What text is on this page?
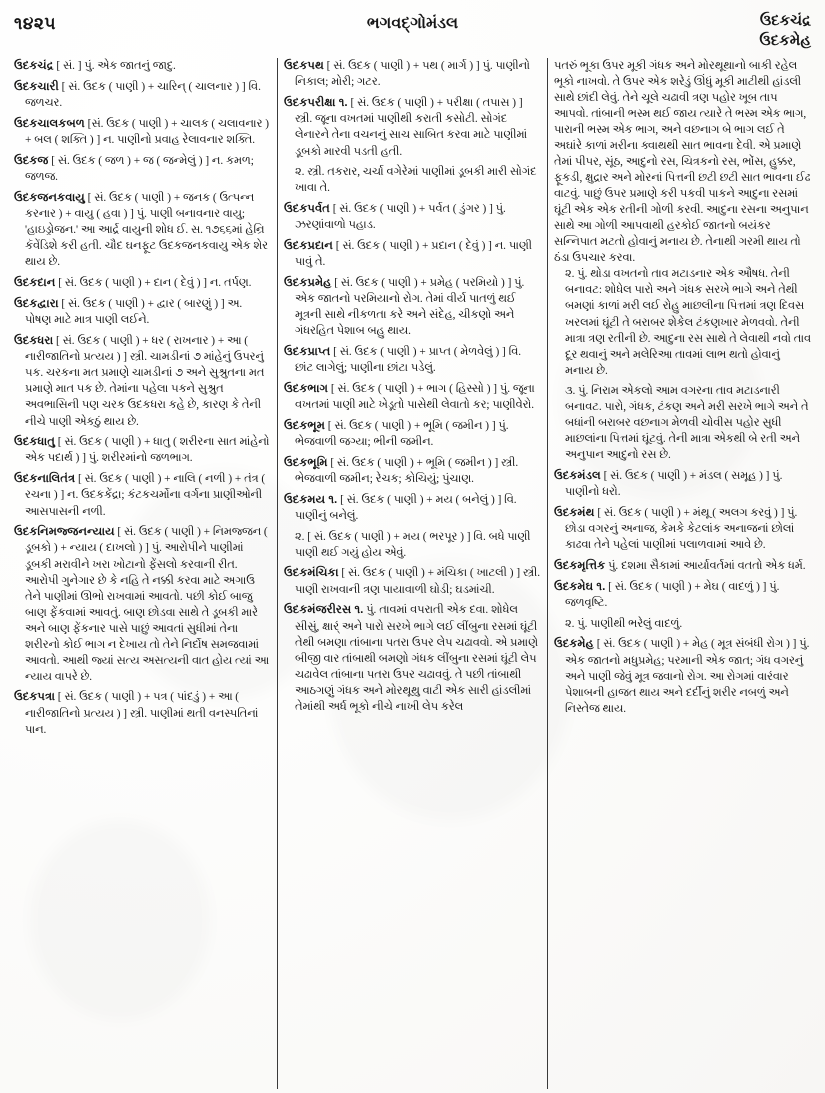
૧૪૨૫	ભગવદ્‌ગોમંડલ	ઉદકચંદ્ર
ઉદકમેહ

ઉદકચંદ્ર [ સં. ] પું. એક જાતનું જાદુ.

ઉદકચારી [ સં. ઉદક ( પાણી ) + ચારિન્ ( ચાલનાર ) ] વિ. જળચર.

ઉદકચાલકબળ [સં. ઉદક ( પાણી ) + ચાલક ( ચલાવનાર ) + બલ ( શક્તિ ) ] ન. પાણીનો પ્રવાહ રેલાવનાર શક્તિ.

ઉદકજ [ સં. ઉદક ( જળ ) + જ ( જન્મેલું ) ] ન. કમળ; જળજ.

ઉદકજનકવાયુ [ સં. ઉદક ( પાણી ) + જનક ( ઉત્પન્ન કરનાર ) + વાયુ ( હવા ) ] પું. પાણી બનાવનાર વાયુ; 'હાઇડ્રોજન.' આ આર્દ્ર વાયુની શોધ ઈ. સ. ૧૭૬૬માં હેન્રિ કૅવેંડિશે કરી હતી. ચૌદ ઘનફૂટ ઉદકજનકવાયુ એક શેર થાય છે.

ઉદકદાન [ સં. ઉદક ( પાણી ) + દાન ( દેવું ) ] ન. તર્પણ.

ઉદકદ્વારા [ સં. ઉદક ( પાણી ) + દ્વાર ( બારણું ) ] અ. પોષણ માટે માત્ર પાણી લઈને.

ઉદકધરા [ સં. ઉદક ( પાણી ) + ધર ( રાખનાર ) + આ ( નારીજાતિનો પ્રત્યય ) ] સ્ત્રી. ચામડીનાં ૭ માંહેનું ઉપરનું ૫ક. ચરકના મત પ્રમાણે ચામડીનાં ૭ અને સુશ્રુતના મત પ્રમાણે માત ૫ક છે. તેમાંના પહેલા ૫કને સુશ્રુત અવભાસિની પણ ચરક ઉદકધરા કહે છે, કારણ કે તેની નીચે પાણી એકઠું થાય છે.

ઉદકધાતુ [ સં. ઉદક ( પાણી ) + ધાતુ ( શરીરના સાત માંહેનો એક પદાર્થ ) ] પું. શરીરમાંનો જળભાગ.

ઉદકનાલિતંત્ર [ સં. ઉદક ( પાણી ) + નાલિ ( નળી ) + તંત્ર ( રચના ) ] ન. ઉદકકેંદ્રા; કંટકચર્મોના વર્ગના પ્રાણીઓની આસપાસની નળી.

ઉદકનિમજ્જનન્યાય [ સં. ઉદક ( પાણી ) + નિમજ્જન ( ડૂબકો ) + ન્યાય ( દાખલો ) ] પું. આરોપીને પાણીમાં ડૂબકી મરાવીને ખરા ખોટાનો ફેંસલો કરવાની રીત. આરોપી ગુનેગાર છે કે નહિ તે નક્કી કરવા માટે અગાઉ તેને પાણીમાં ઊભો રાખવામાં આવતો. પછી કોઈ બાજુ બાણ ફેંકવામાં આવતું. બાણ છોડવા સાથે તે ડૂબકી મારે અને બાણ ફેંકનાર પાસે પાછું આવતાં સુધીમાં તેના શરીરનો કોઈ ભાગ ન દેખાય તો તેને નિર્દોષ સમજવામાં આવતો. આથી જ્યાં સત્ય અસત્યની વાત હોય ત્યાં આ ન્યાય વાપરે છે.

ઉદકપત્રા [ સં. ઉદક ( પાણી ) + પત્ર ( પાંદડું ) + આ ( નારીજાતિનો પ્રત્યય ) ] સ્ત્રી. પાણીમાં થતી વનસ્પતિનાં પાન.

ઉદકપથ [ સં. ઉદક ( પાણી ) + પથ ( માર્ગ ) ] પું. પાણીનો નિકાલ; મોરી; ગટર.

ઉદકપરીક્ષા ૧. [ સં. ઉદક ( પાણી ) + પરીક્ષા ( તપાસ ) ] સ્ત્રી. જૂના વખતમાં પાણીથી કરાતી કસોટી. સોગંદ લેનારને તેના વચનનું સાચ સાબિત કરવા માટે પાણીમાં ડૂબકો મારવી પડતી હતી.

૨. સ્ત્રી. તકરાર, ચર્ચા વગેરેમાં પાણીમાં ડૂબકી મારી સોગંદ ખાવા તે.

ઉદકપર્વત [ સં. ઉદક ( પાણી ) + પર્વત ( ડુંગર ) ] પું. ઝરણાંવાળો પહાડ.

ઉદકપ્રદાન [ સં. ઉદક ( પાણી ) + પ્રદાન ( દેવું ) ] ન. પાણી પાવું તે.

ઉદકપ્રમેહ [ સં. ઉદક ( પાણી ) + પ્રમેહ ( પરમિયો ) ] પું. એક જાતનો પરમિયાનો રોગ. તેમાં વીર્ય પાતળું થઈ મૂત્રની સાથે નીકળતા કરે અને સંદેહ, ચીકણો અને ગંધરહિત પેશાબ બહુ થાય.

ઉદકપ્રાપ્ત [ સં. ઉદક ( પાણી ) + પ્રાપ્ત ( મેળવેલું ) ] વિ. છાંટ લાગેલું; પાણીના છાંટા પડેલું.

ઉદકભાગ [ સં. ઉદક ( પાણી ) + ભાગ ( હિસ્સો ) ] પું. જૂના વખતમાં પાણી માટે ખેડૂતો પાસેથી લેવાતો કર; પાણીવેરો.

ઉદકભૂમ [ સં. ઉદક ( પાણી ) + ભૂમિ ( જમીન ) ] પું. ભેજવાળી જગ્યા; ભીની જમીન.

ઉદકભૂમિ [ સં. ઉદક ( પાણી ) + ભૂમિ ( જમીન ) ] સ્ત્રી. ભેજવાળી જમીન; રેચક; કોચિયું; પુંચાણ.

ઉદકમય ૧. [ સં. ઉદક ( પાણી ) + મય ( બનેલું ) ] વિ. પાણીનું બનેલું.

૨. [ સં. ઉદક ( પાણી ) + મય ( ભરપૂર ) ] વિ. બધે પાણી પાણી થઈ ગયું હોય એવું.

ઉદકમંચિકા [ સં. ઉદક ( પાણી ) + મંચિકા ( ખાટલી ) ] સ્ત્રી. પાણી રાખવાની ત્રણ પાયાવાળી ઘોડી; ઘડમાંચી.

ઉદકમંજરીરસ ૧. પું. તાવમાં વપરાતી એક દવા. શોધેલ સીસું, ક્ષાર્ં અને પારો સરખે ભાગે લઈ લીંબુના રસમાં ઘૂંટી તેથી બમણા તાંબાના પતરા ઉપર લેપ ચઢાવવો. એ પ્રમાણે બીજી વાર તાંબાથી બમણો ગંધક લીંબુના રસમાં ઘૂંટી લેપ ચઢાવેલ તાંબાના પતરા ઉપર ચઢાવવું. તે પછી તાંબાથી આઠગણું ગંધક અને મોરથૂથુ વાટી એક સારી હાંડલીમાં તેમાંથી અર્ધ ભૂકો નીચે નાખી લેપ કરેલ

પતરું ભૂકા ઉપર મૂકી ગંધક અને મોરથૂથાનો બાકી રહેલ ભૂકો નાખવો. તે ઉપર એક શરેડું ઊંધું મૂકી માટીથી હાંડલી સાથે છાંદી લેવું. તેને ચૂલે ચઢાવી ત્રણ પહોર ખૂબ તાપ આપવો. તાંબાની ભસ્મ થઈ જાય ત્યારે તે ભસ્મ એક ભાગ, પારાની ભસ્મ એક ભાગ, અને વછનાગ બે ભાગ લઈ તે અઘાંરે કાળાં મરીના ક્વાથથી સાત ભાવના દેવી. એ પ્રમાણે તેમાં પીપર, સૂંઠ, આદુનો રસ, ચિત્રકનો રસ, ભોંસ, હુક્કર, ફૂકડી, ક્ષુદ્રાર અને મોરનાં પિત્તની છટી છટી સાત ભાવના ઈઢ વાટવું. પાછું ઉપર પ્રમાણે કરી પકવી પાકને આદુના રસમાં ઘૂંટી એક એક રતીની ગોળી કરવી. આદુના રસના અનુપાન સાથે આ ગોળી આપવાથી હરકોઈ જાતનો બયંકર સન્નિપાત મટતો હોવાનું મનાય છે. તેનાથી ગરમી થાય તો ઠંડા ઉપચાર કરવા.

૨. પું. થોડા વખતનો તાવ મટાડનાર એક ઔષધ. તેની બનાવટ: શોધેલ પારો અને ગંધક સરખે ભાગે અને તેથી બમણાં કાળાં મરી લઈ રોહુ માછલીના પિત્તમાં ત્રણ દિવસ ખરલમાં ઘૂંટી તે બરાબર શેકેલ ટંકણખાર મેળવવો. તેની માત્રા ત્રણ રતીની છે. આદુના રસ સાથે તે લેવાથી નવો તાવ દૂર થવાનું અને મલેરિઆ તાવમાં લાભ થતો હોવાનું મનાય છે.

૩. પું. નિરામ એકલો આમ વગરના તાવ મટાડનારી બનાવટ. પારો, ગંધક, ટંકણ અને મરી સરખે ભાગે અને તે બધાંની બરાબર વછનાગ મેળવી ચોવીસ પહોર સુધી માછલાંના પિત્તમાં ઘૂંટવું. તેની માત્રા એકથી બે રતી અને અનુપાન આદુનો રસ છે.

ઉદકમંડલ [ સં. ઉદક ( પાણી ) + મંડલ ( સમૂહ ) ] પું. પાણીનો ધરો.

ઉદકમંથ [ સં. ઉદક ( પાણી ) + મંથૂ ( અલગ કરવું ) ] પું. છોડા વગરનું અનાજ, કેમકે કેટલાંક અનાજનાં છોલાં કાઢવા તેને પહેલાં પાણીમાં પલાળવામાં આવે છે.

ઉદકમૃત્તિક પું. દશમા સૈકામાં આર્યાવર્તમાં વતતો એક ધર્મ.

ઉદકમેઘ ૧. [ સં. ઉદક ( પાણી ) + મેઘ ( વાદળું ) ] પું. જળવૃષ્ટિ.

૨. પું. પાણીથી ભરેલું વાદળું.

ઉદકમેહ [ સં. ઉદક ( પાણી ) + મેહ ( મૂત્ર સંબંધી રોગ ) ] પું. એક જાતનો મધુપ્રમેહ; પરમાની એક જાત; ગંધ વગરનું અને પાણી જેવું મૂત્ર જવાનો રોગ. આ રોગમાં વારંવાર પેશાબની હાજત થાય અને દર્દીનું શરીર નબળું અને નિસ્તેજ થાય.
